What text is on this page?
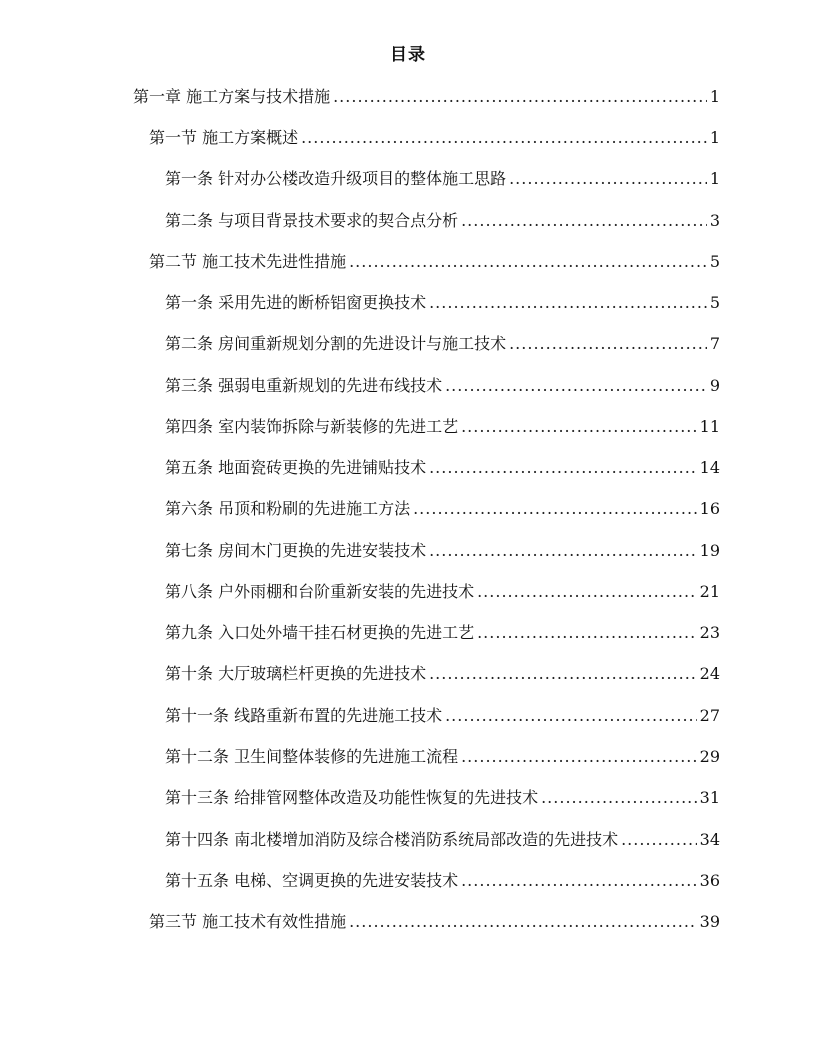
目录
第一章 施工方案与技术措施 .....	1
第一节 施工方案概述 .....	1
第一条 针对办公楼改造升级项目的整体施工思路 .....	1
第二条 与项目背景技术要求的契合点分析 .....	3
第二节 施工技术先进性措施 .....	5
第一条 采用先进的断桥铝窗更换技术 .....	5
第二条 房间重新规划分割的先进设计与施工技术 .....	7
第三条 强弱电重新规划的先进布线技术 .....	9
第四条 室内装饰拆除与新装修的先进工艺 .....	11
第五条 地面瓷砖更换的先进铺贴技术 .....	14
第六条 吊顶和粉刷的先进施工方法 .....	16
第七条 房间木门更换的先进安装技术 .....	19
第八条 户外雨棚和台阶重新安装的先进技术 .....	21
第九条 入口处外墙干挂石材更换的先进工艺 .....	23
第十条 大厅玻璃栏杆更换的先进技术 .....	24
第十一条 线路重新布置的先进施工技术 .....	27
第十二条 卫生间整体装修的先进施工流程 .....	29
第十三条 给排管网整体改造及功能性恢复的先进技术 .....	31
第十四条 南北楼增加消防及综合楼消防系统局部改造的先进技术 .....	34
第十五条 电梯、空调更换的先进安装技术 .....	36
第三节 施工技术有效性措施 .....	39
